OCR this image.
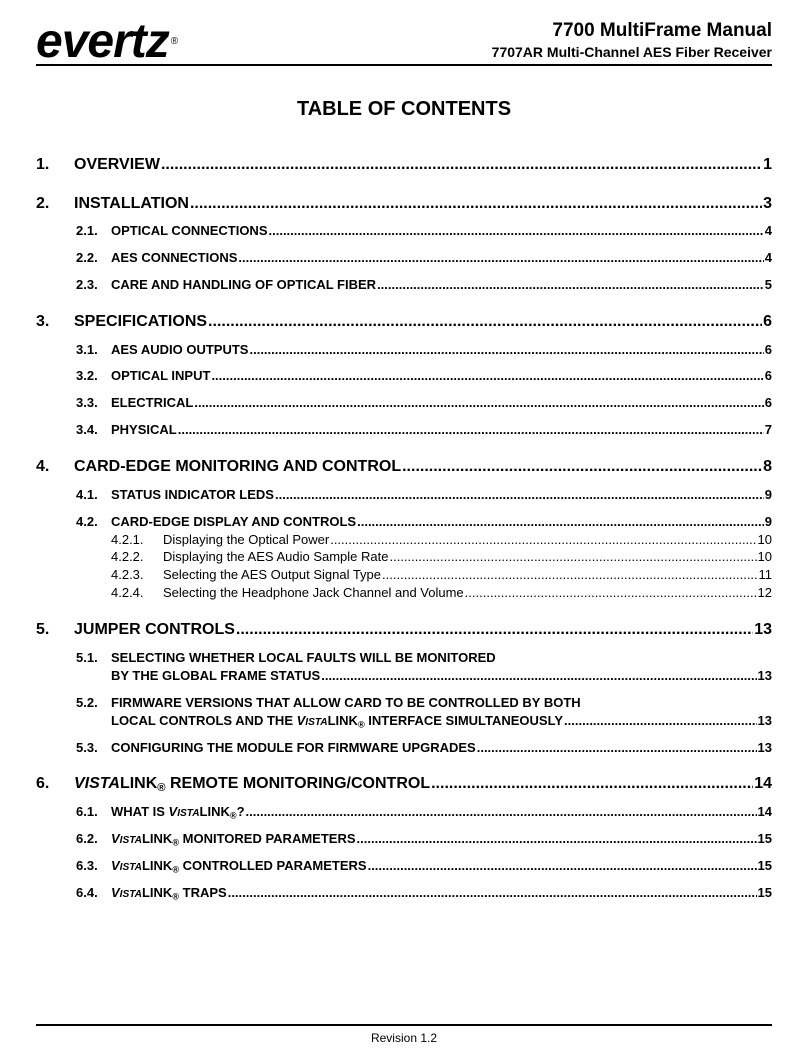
evertz ®
7700 MultiFrame Manual
7707AR Multi-Channel AES Fiber Receiver
TABLE OF CONTENTS
1.	OVERVIEW .....	1
2.	INSTALLATION .....	3
2.1.	OPTICAL CONNECTIONS .....	4
2.2.	AES CONNECTIONS .....	4
2.3.	CARE AND HANDLING OF OPTICAL FIBER .....	5
3.	SPECIFICATIONS .....	6
3.1.	AES AUDIO OUTPUTS .....	6
3.2.	OPTICAL INPUT .....	6
3.3.	ELECTRICAL .....	6
3.4.	PHYSICAL .....	7
4.	CARD-EDGE MONITORING AND CONTROL .....	8
4.1.	STATUS INDICATOR LEDS .....	9
4.2.	CARD-EDGE DISPLAY AND CONTROLS .....	9
4.2.1.	Displaying the Optical Power .....	10
4.2.2.	Displaying the AES Audio Sample Rate .....	10
4.2.3.	Selecting the AES Output Signal Type .....	11
4.2.4.	Selecting the Headphone Jack Channel and Volume .....	12
5.	JUMPER CONTROLS .....	13
5.1.	SELECTING WHETHER LOCAL FAULTS WILL BE MONITORED
BY THE GLOBAL FRAME STATUS .....	13
5.2.	FIRMWARE VERSIONS THAT ALLOW CARD TO BE CONTROLLED BY BOTH
LOCAL CONTROLS AND THE VISTALINK® INTERFACE SIMULTANEOUSLY .....	13
5.3.	CONFIGURING THE MODULE FOR FIRMWARE UPGRADES .....	13
6.	VISTALINK® REMOTE MONITORING/CONTROL .....	14
6.1.	WHAT IS VISTALINK®? .....	14
6.2.	VISTALINK® MONITORED PARAMETERS .....	15
6.3.	VISTALINK® CONTROLLED PARAMETERS .....	15
6.4.	VISTALINK® TRAPS .....	15
Revision 1.2
